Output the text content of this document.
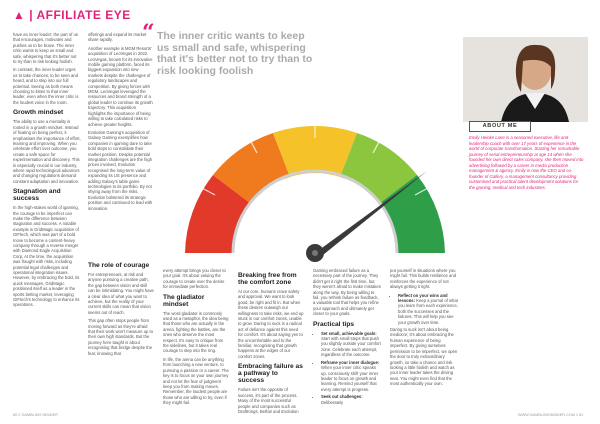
▲ | AFFILIATE EYE

have an inner leader; the part of us that encourages, motivates and pushes us to be brave. The inner critic wants to keep us small and safe, whispering that it's better not to try than to risk looking foolish.

In contrast, the inner leader urges us to take chances, to be seen and heard, and to step into our full potential. Seeing as both means choosing to listen to that inner leader, even when the inner critic is the loudest voice in the room.

Growth mindset

The ability to use a mentality is rooted in a growth mindset. Instead of fixating on being perfect, it emphasises the importance of effort, learning and improving. When you celebrate effort over outcome, you create a safe space for experimentation and discovery. This is especially crucial in our industry, where rapid technological advances and changing regulations demand constant adaptation and innovation.

Stagnation and success

In the high-stakes world of igaming, the courage to be imperfect can make the difference between stagnation and success. A notable example is GridMagic acquisition of GIFtech, which was part of a bold move to become a content-heavy company through a reverse merger with Diamond Eagle Acquisition Corp. At the time, the acquisition was fraught with risks, including potential legal challenges and operational integration issues. However, by embracing the bold, its quick messages, GridMagic positioned itself as a leader in the sports betting market, leveraging GIFtech's technology to enhance its operations.

offerings and expand its market share rapidly.

Another example is MGM Resorts' acquisition of LeoVegas in 2022. LeoVegas, known for its innovative mobile gaming platform, faced its biggest expansion into new markets despite the challenges of regulatory landscapes and competition. By giving forces with MGM, LeoVegas leveraged the resources and brand strength of a global leader to continue its growth trajectory. This acquisition highlights the importance of being willing to take calculated risks to achieve greater heights.

Evolution Gaming's acquisition of Galaxy Gaming exemplifies how companies in igaming dare to take bold steps to consolidate their market position. Despite potential integration challenges are the high prices involved, Evolution recognised the long-term value of expanding its US presence and adding Galaxy's table game technologies to its portfolio. By not shying away from the risks, Evolution bolstered its strategic position and continued to lead with innovation.

“ The inner critic wants to keep us small and safe, whispering that it's better not to try than to risk looking foolish
ABOUT ME
Emily Heinke Lane is a seasoned executive, life and leadership coach with over 17 years of experience in the world of corporate transformation. Starting her remarkable journey of serial entrepreneurship at age 14 when she founded her own direct sales company, she then moved into advertising followed by a career in media production management & agency. Emily is now the CEO and co-founder of Gallery, a management consultancy providing customised and practical talent development solutions for the gaming, medical and tech industries.

every attempt brings you closer to your goal. It's about valuing the courage to create over the desire for immediate perfection.

The gladiator mindset

The word gladiator is commonly used as a metaphor, the idea being that those who are actually in the arena, fighting the battles, are the ones who deserve the most respect. It's easy to critique from the sidelines, but it takes real courage to step into the ring.

In life, the arena can be anything from launching a new venture, to pursuing a passion or a career. The key is to focus on your own journey and not let the fear of judgment keep you from making moves. Remember, the loudest people are those who are willing to try, even if they might fail.

The role of courage

For entrepreneurs, at risk and anyone pursuing a creative path, the gap between vision and skill can be intimidating. You might have a clear idea of what you want to achieve, but the reality of your current skills can mean that vision seems out of reach.

This gap often stops people from moving forward as they're afraid that their work won't measure up to their own high standards. But the journey here taught is about recognising that bridge despite the fear, knowing that

Breaking free from the comfort zone

At our core, humans crave safety and approval. We want to look good, be right and fit in. But when these desires outweigh our willingness to take risks, we end up stuck in our comfort zones, unable to grow. Daring to suck is a radical act of defiance against this need for comfort. It's about saying yes to the uncomfortable and to the familiar, recognising that growth happens at the edges of our comfort zones.

Embracing failure as a pathway to success

Failure isn't the opposite of success, it's part of the process. Many of the most successful people and companies such as DraftKings, Betfair and Evolution

Gaming embraced failure as a necessary part of the journey. They didn't get it right the first time, but they weren't afraid to make mistakes along the way. By being willing to fail, you rethink failure as feedback, a valuable tool that helps you refine your approach and ultimately get closer to your goals.

Practical tips
• Set small, achievable goals: Start with small steps that push you slightly outside your comfort zone. Celebrate each attempt, regardless of the outcome.
• Reframe your inner dialogue: When your inner critic speaks up, consciously shift your inner leader to focus on growth and learning. Remind yourself that every attempt is progress.
• Seek out challenges: Deliberately

put yourself in situations where you might fail. This builds resilience and reinforces the experience of not always getting it right.

• Reflect on your wins and lessons: Keep a journal of what you learn from each experience, both the successes and the failures. This will help you see your growth over time.

Daring to suck isn't about being mediocre; it's about embracing the human experience of being imperfect. By giving ourselves permission to be imperfect, we open the door to truly extraordinary growth, so take a chance and risk looking a little foolish and watch as your inner leader takes the driving seat. You might even find that the most authentically your own.

80 // GAMBLING INSIDER	WWW.GAMBLINGINSIDER.COM // 81
